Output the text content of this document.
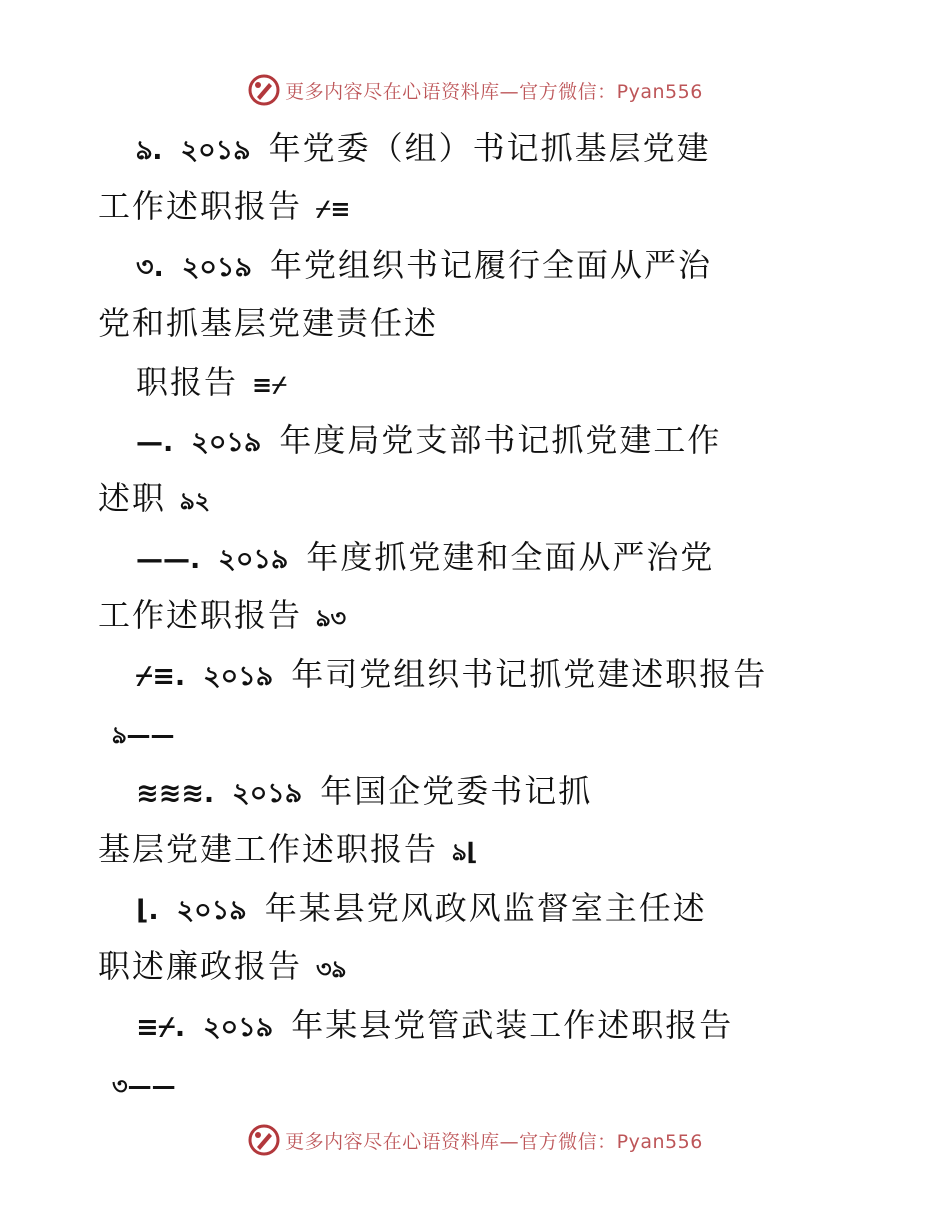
更多内容尽在心语资料库—官方微信：Pyan556
ঌ. ২০১৯ 年党委（组）书记抓基层党建
工作述职报告 ⌿≡
৩. ২০১৯ 年党组织书记履行全面从严治
党和抓基层党建责任述
职报告 ≡⌿
—. ২০১৯ 年度局党支部书记抓党建工作
述职 ঌ২
——. ২০১৯ 年度抓党建和全面从严治党
工作述职报告 ঌ৩
⌿≡. ২০১৯ 年司党组织书记抓党建述职报告
ঌ——
≋≋≋. ২০১৯ 年国企党委书记抓
基层党建工作述职报告 ঌ⌊
⌊. ২০১৯ 年某县党风政风监督室主任述
职述廉政报告 ৩ঌ
≡⌿. ২০১৯ 年某县党管武装工作述职报告
৩——
更多内容尽在心语资料库—官方微信：Pyan556
